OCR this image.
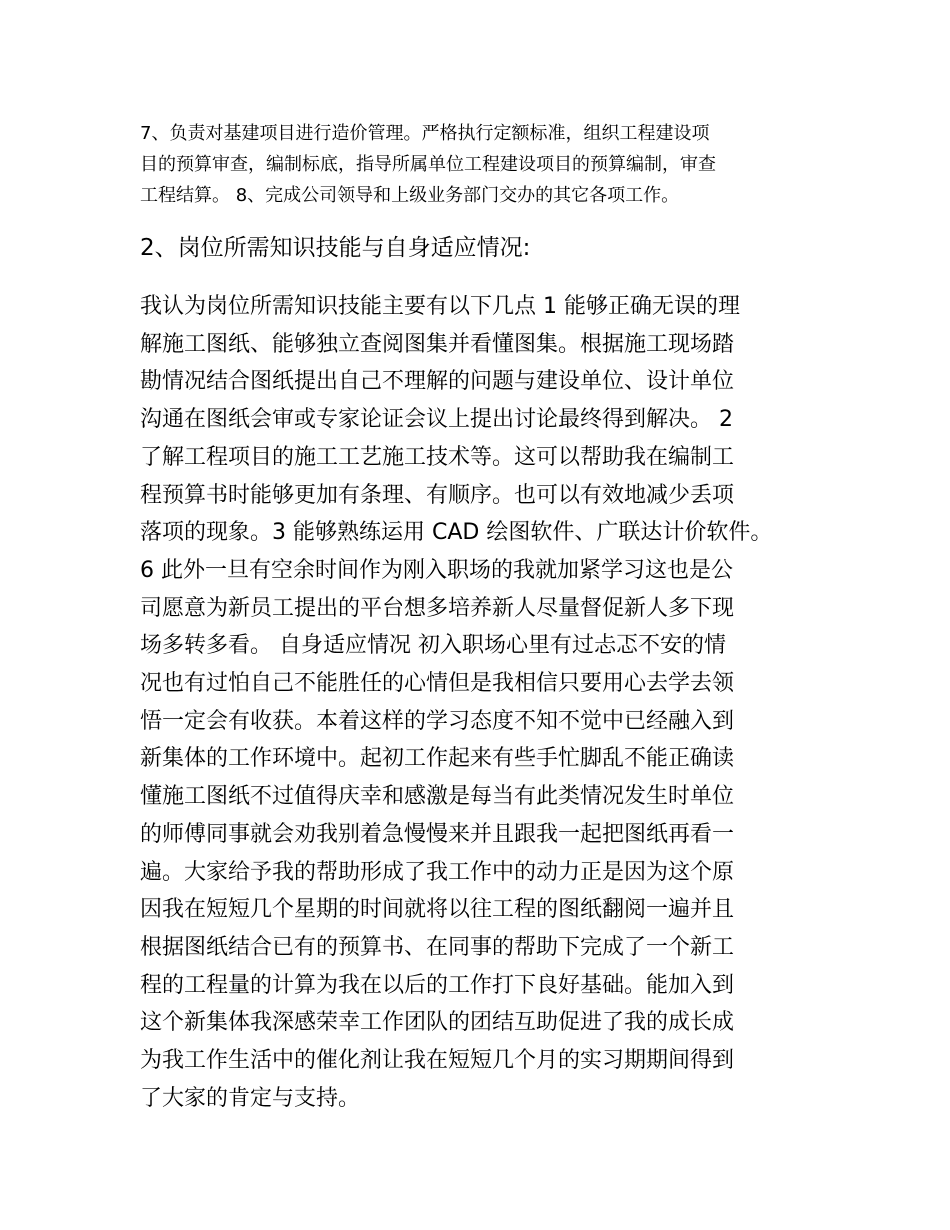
7、负责对基建项目进行造价管理。严格执行定额标准，组织工程建设项
目的预算审查，编制标底，指导所属单位工程建设项目的预算编制，审查
工程结算。 8、完成公司领导和上级业务部门交办的其它各项工作。
2、岗位所需知识技能与自身适应情况:
我认为岗位所需知识技能主要有以下几点 1 能够正确无误的理
解施工图纸、能够独立查阅图集并看懂图集。根据施工现场踏
勘情况结合图纸提出自己不理解的问题与建设单位、设计单位
沟通在图纸会审或专家论证会议上提出讨论最终得到解决。 2
了解工程项目的施工工艺施工技术等。这可以帮助我在编制工
程预算书时能够更加有条理、有顺序。也可以有效地减少丢项
落项的现象。3 能够熟练运用 CAD 绘图软件、广联达计价软件。
6 此外一旦有空余时间作为刚入职场的我就加紧学习这也是公
司愿意为新员工提出的平台想多培养新人尽量督促新人多下现
场多转多看。 自身适应情况 初入职场心里有过忐忑不安的情
况也有过怕自己不能胜任的心情但是我相信只要用心去学去领
悟一定会有收获。本着这样的学习态度不知不觉中已经融入到
新集体的工作环境中。起初工作起来有些手忙脚乱不能正确读
懂施工图纸不过值得庆幸和感激是每当有此类情况发生时单位
的师傅同事就会劝我别着急慢慢来并且跟我一起把图纸再看一
遍。大家给予我的帮助形成了我工作中的动力正是因为这个原
因我在短短几个星期的时间就将以往工程的图纸翻阅一遍并且
根据图纸结合已有的预算书、在同事的帮助下完成了一个新工
程的工程量的计算为我在以后的工作打下良好基础。能加入到
这个新集体我深感荣幸工作团队的团结互助促进了我的成长成
为我工作生活中的催化剂让我在短短几个月的实习期期间得到
了大家的肯定与支持。
